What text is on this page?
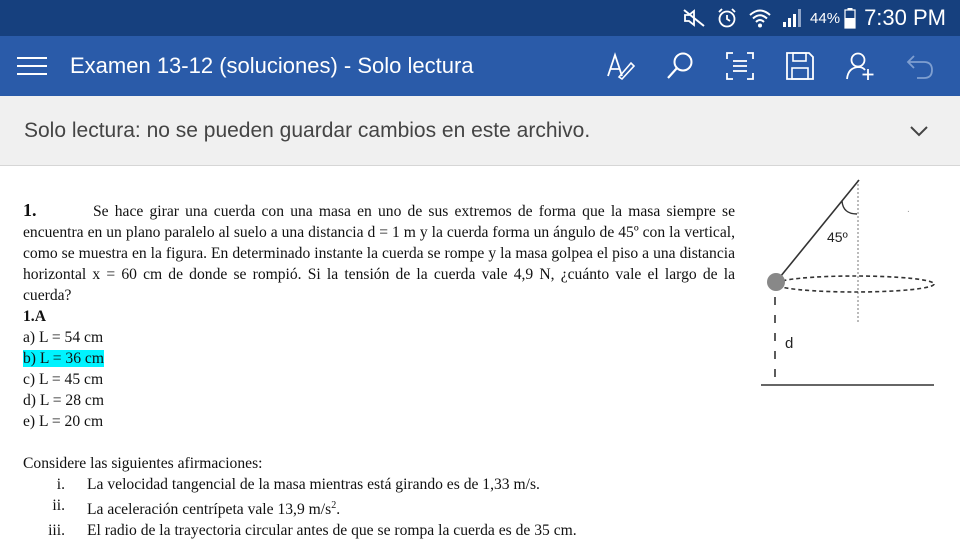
44% 7:30 PM
Examen 13-12 (soluciones) - Solo lectura
Solo lectura: no se pueden guardar cambios en este archivo.

1.	Se hace girar una cuerda con una masa en uno de sus extremos de forma que la masa siempre se encuentra en un plano paralelo al suelo a una distancia d = 1 m y la cuerda forma un ángulo de 45º con la vertical, como se muestra en la figura. En determinado instante la cuerda se rompe y la masa golpea el piso a una distancia horizontal x = 60 cm de donde se rompió. Si la tensión de la cuerda vale 4,9 N, ¿cuánto vale el largo de la cuerda?

1.A
a) L = 54 cm
b) L = 36 cm
c) L = 45 cm
d) L = 28 cm
e) L = 20 cm
Considere las siguientes afirmaciones:
i.	La velocidad tangencial de la masa mientras está girando es de 1,33 m/s.
ii.	La aceleración centrípeta vale 13,9 $m/s^2$.
iii.	El radio de la trayectoria circular antes de que se rompa la cuerda es de 35 cm.
45º
d
.
